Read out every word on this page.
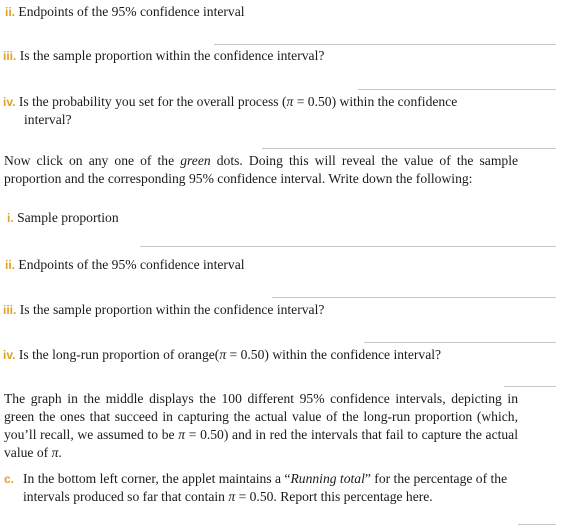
ii. Endpoints of the 95% confidence interval
iii. Is the sample proportion within the confidence interval?
iv. Is the probability you set for the overall process (π = 0.50) within the confidence
interval?
Now click on any one of the green dots. Doing this will reveal the value of the sample proportion and the corresponding 95% confidence interval. Write down the following:
i. Sample proportion
ii. Endpoints of the 95% confidence interval
iii. Is the sample proportion within the confidence interval?
iv. Is the long-run proportion of orange(π = 0.50) within the confidence interval?
The graph in the middle displays the 100 different 95% confidence intervals, depicting in green the ones that succeed in capturing the actual value of the long-run proportion (which, you’ll recall, we assumed to be π = 0.50) and in red the intervals that fail to capture the actual value of π.
c. In the bottom left corner, the applet maintains a “Running total” for the percentage of the intervals produced so far that contain π = 0.50. Report this percentage here.
